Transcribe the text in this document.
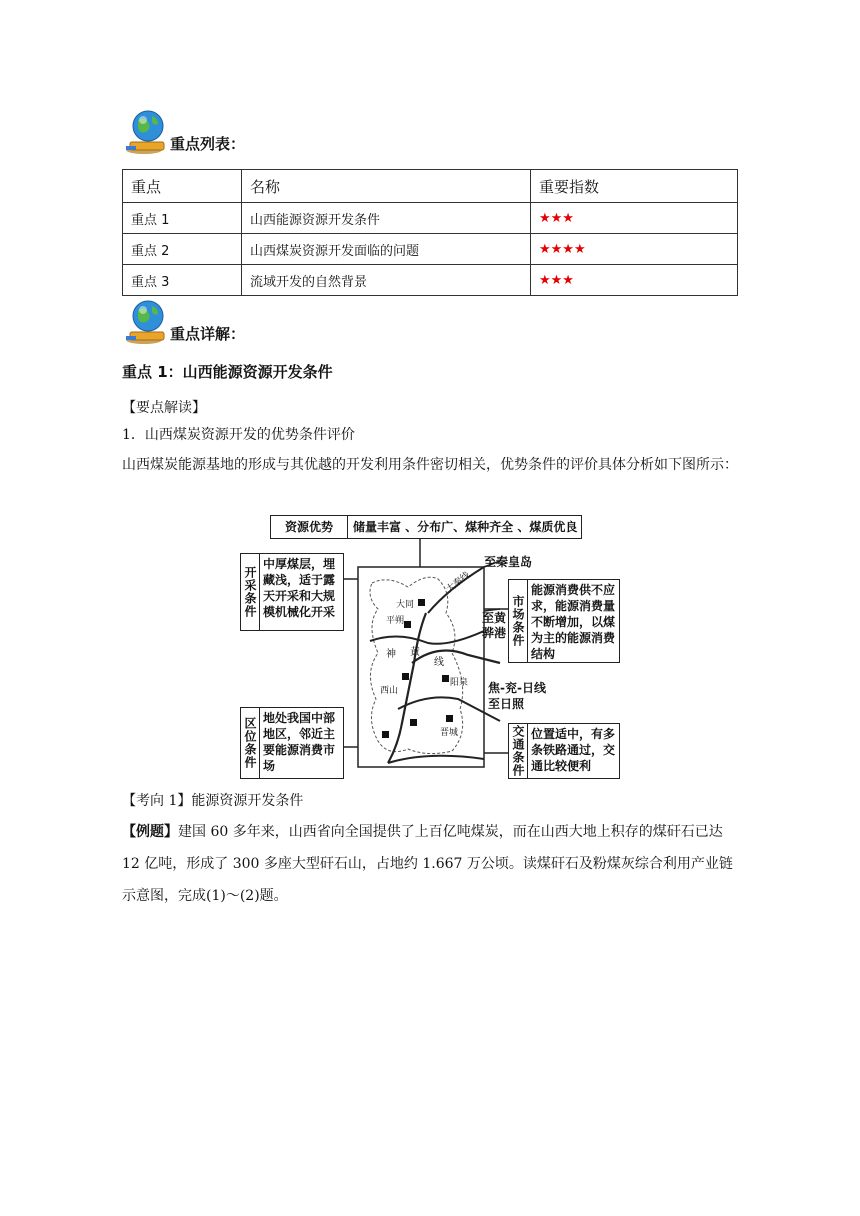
重点列表：
重点	名称	重要指数
重点 1	山西能源资源开发条件	★★★
重点 2	山西煤炭资源开发面临的问题	★★★★
重点 3	流域开发的自然背景	★★★
重点详解：
重点 1：山西能源资源开发条件
【要点解读】
1．山西煤炭资源开发的优势条件评价
山西煤炭能源基地的形成与其优越的开发利用条件密切相关，优势条件的评价具体分析如下图所示：
资源优势	储量丰富 、分布广、煤种齐全 、煤质优良
开采条件
中厚煤层，埋藏浅，适于露天开采和大规模机械化开采	市场条件
能源消费供不应求，能源消费量不断增加，以煤为主的能源消费结构
区位条件 地处我国中部地区，邻近主要能源消费市场	交通条件 位置适中，有多条铁路通过，交通比较便利
至秦皇岛
至黄骅港
焦-兖-日线
至日照
大秦线
神 黄
线
大同
平朔
西山
阳泉
晋城
【考向 1】能源资源开发条件
【例题】建国 60 多年来，山西省向全国提供了上百亿吨煤炭，而在山西大地上积存的煤矸石已达 12 亿吨，形成了 300 多座大型矸石山，占地约 1.667 万公顷。读煤矸石及粉煤灰综合利用产业链示意图，完成(1)～(2)题。
